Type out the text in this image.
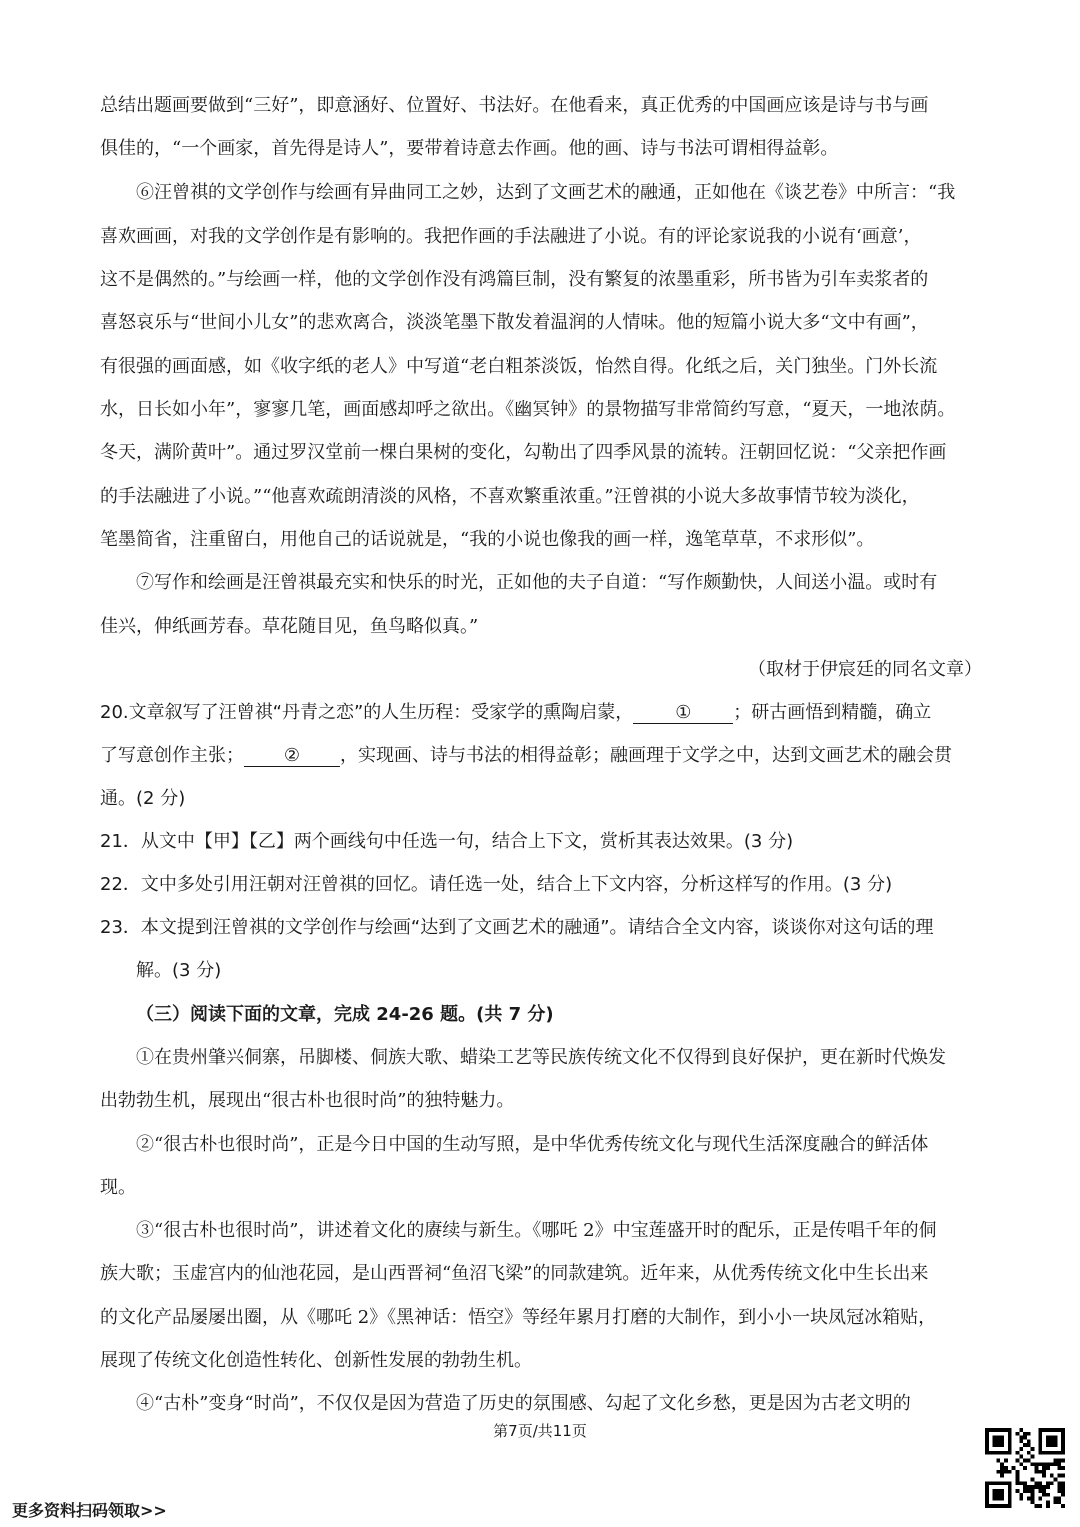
总结出题画要做到“三好”，即意涵好、位置好、书法好。在他看来，真正优秀的中国画应该是诗与书与画
俱佳的，“一个画家，首先得是诗人”，要带着诗意去作画。他的画、诗与书法可谓相得益彰。
⑥汪曾祺的文学创作与绘画有异曲同工之妙，达到了文画艺术的融通，正如他在《谈艺卷》中所言：“我
喜欢画画，对我的文学创作是有影响的。我把作画的手法融进了小说。有的评论家说我的小说有‘画意’，
这不是偶然的。”与绘画一样，他的文学创作没有鸿篇巨制，没有繁复的浓墨重彩，所书皆为引车卖浆者的
喜怒哀乐与“世间小儿女”的悲欢离合，淡淡笔墨下散发着温润的人情味。他的短篇小说大多“文中有画”，
有很强的画面感，如《收字纸的老人》中写道“老白粗茶淡饭，怡然自得。化纸之后，关门独坐。门外长流
水，日长如小年”，寥寥几笔，画面感却呼之欲出。《幽冥钟》的景物描写非常简约写意，“夏天，一地浓荫。
冬天，满阶黄叶”。通过罗汉堂前一棵白果树的变化，勾勒出了四季风景的流转。汪朝回忆说：“父亲把作画
的手法融进了小说。”“他喜欢疏朗清淡的风格，不喜欢繁重浓重。”汪曾祺的小说大多故事情节较为淡化，
笔墨简省，注重留白，用他自己的话说就是，“我的小说也像我的画一样，逸笔草草，不求形似”。
⑦写作和绘画是汪曾祺最充实和快乐的时光，正如他的夫子自道：“写作颇勤快，人间送小温。或时有
佳兴，伸纸画芳春。草花随目见，鱼鸟略似真。”
（取材于伊宸廷的同名文章）
20.文章叙写了汪曾祺“丹青之恋”的人生历程：受家学的熏陶启蒙， ① ；研古画悟到精髓，确立
了写意创作主张； ② ，实现画、诗与书法的相得益彰；融画理于文学之中，达到文画艺术的融会贯
通。(2 分)
21．从文中【甲】【乙】两个画线句中任选一句，结合上下文，赏析其表达效果。(3 分)
22．文中多处引用汪朝对汪曾祺的回忆。请任选一处，结合上下文内容，分析这样写的作用。(3 分)
23．本文提到汪曾祺的文学创作与绘画“达到了文画艺术的融通”。请结合全文内容，谈谈你对这句话的理
解。(3 分)
（三）阅读下面的文章，完成 24-26 题。(共 7 分)
①在贵州肇兴侗寨，吊脚楼、侗族大歌、蜡染工艺等民族传统文化不仅得到良好保护，更在新时代焕发
出勃勃生机，展现出“很古朴也很时尚”的独特魅力。
②“很古朴也很时尚”，正是今日中国的生动写照，是中华优秀传统文化与现代生活深度融合的鲜活体
现。
③“很古朴也很时尚”，讲述着文化的赓续与新生。《哪吒 2》中宝莲盛开时的配乐，正是传唱千年的侗
族大歌；玉虚宫内的仙池花园，是山西晋祠“鱼沼飞梁”的同款建筑。近年来，从优秀传统文化中生长出来
的文化产品屡屡出圈，从《哪吒 2》《黑神话：悟空》等经年累月打磨的大制作，到小小一块凤冠冰箱贴，
展现了传统文化创造性转化、创新性发展的勃勃生机。
④“古朴”变身“时尚”，不仅仅是因为营造了历史的氛围感、勾起了文化乡愁，更是因为古老文明的
第7页/共11页
更多资料扫码领取>>
